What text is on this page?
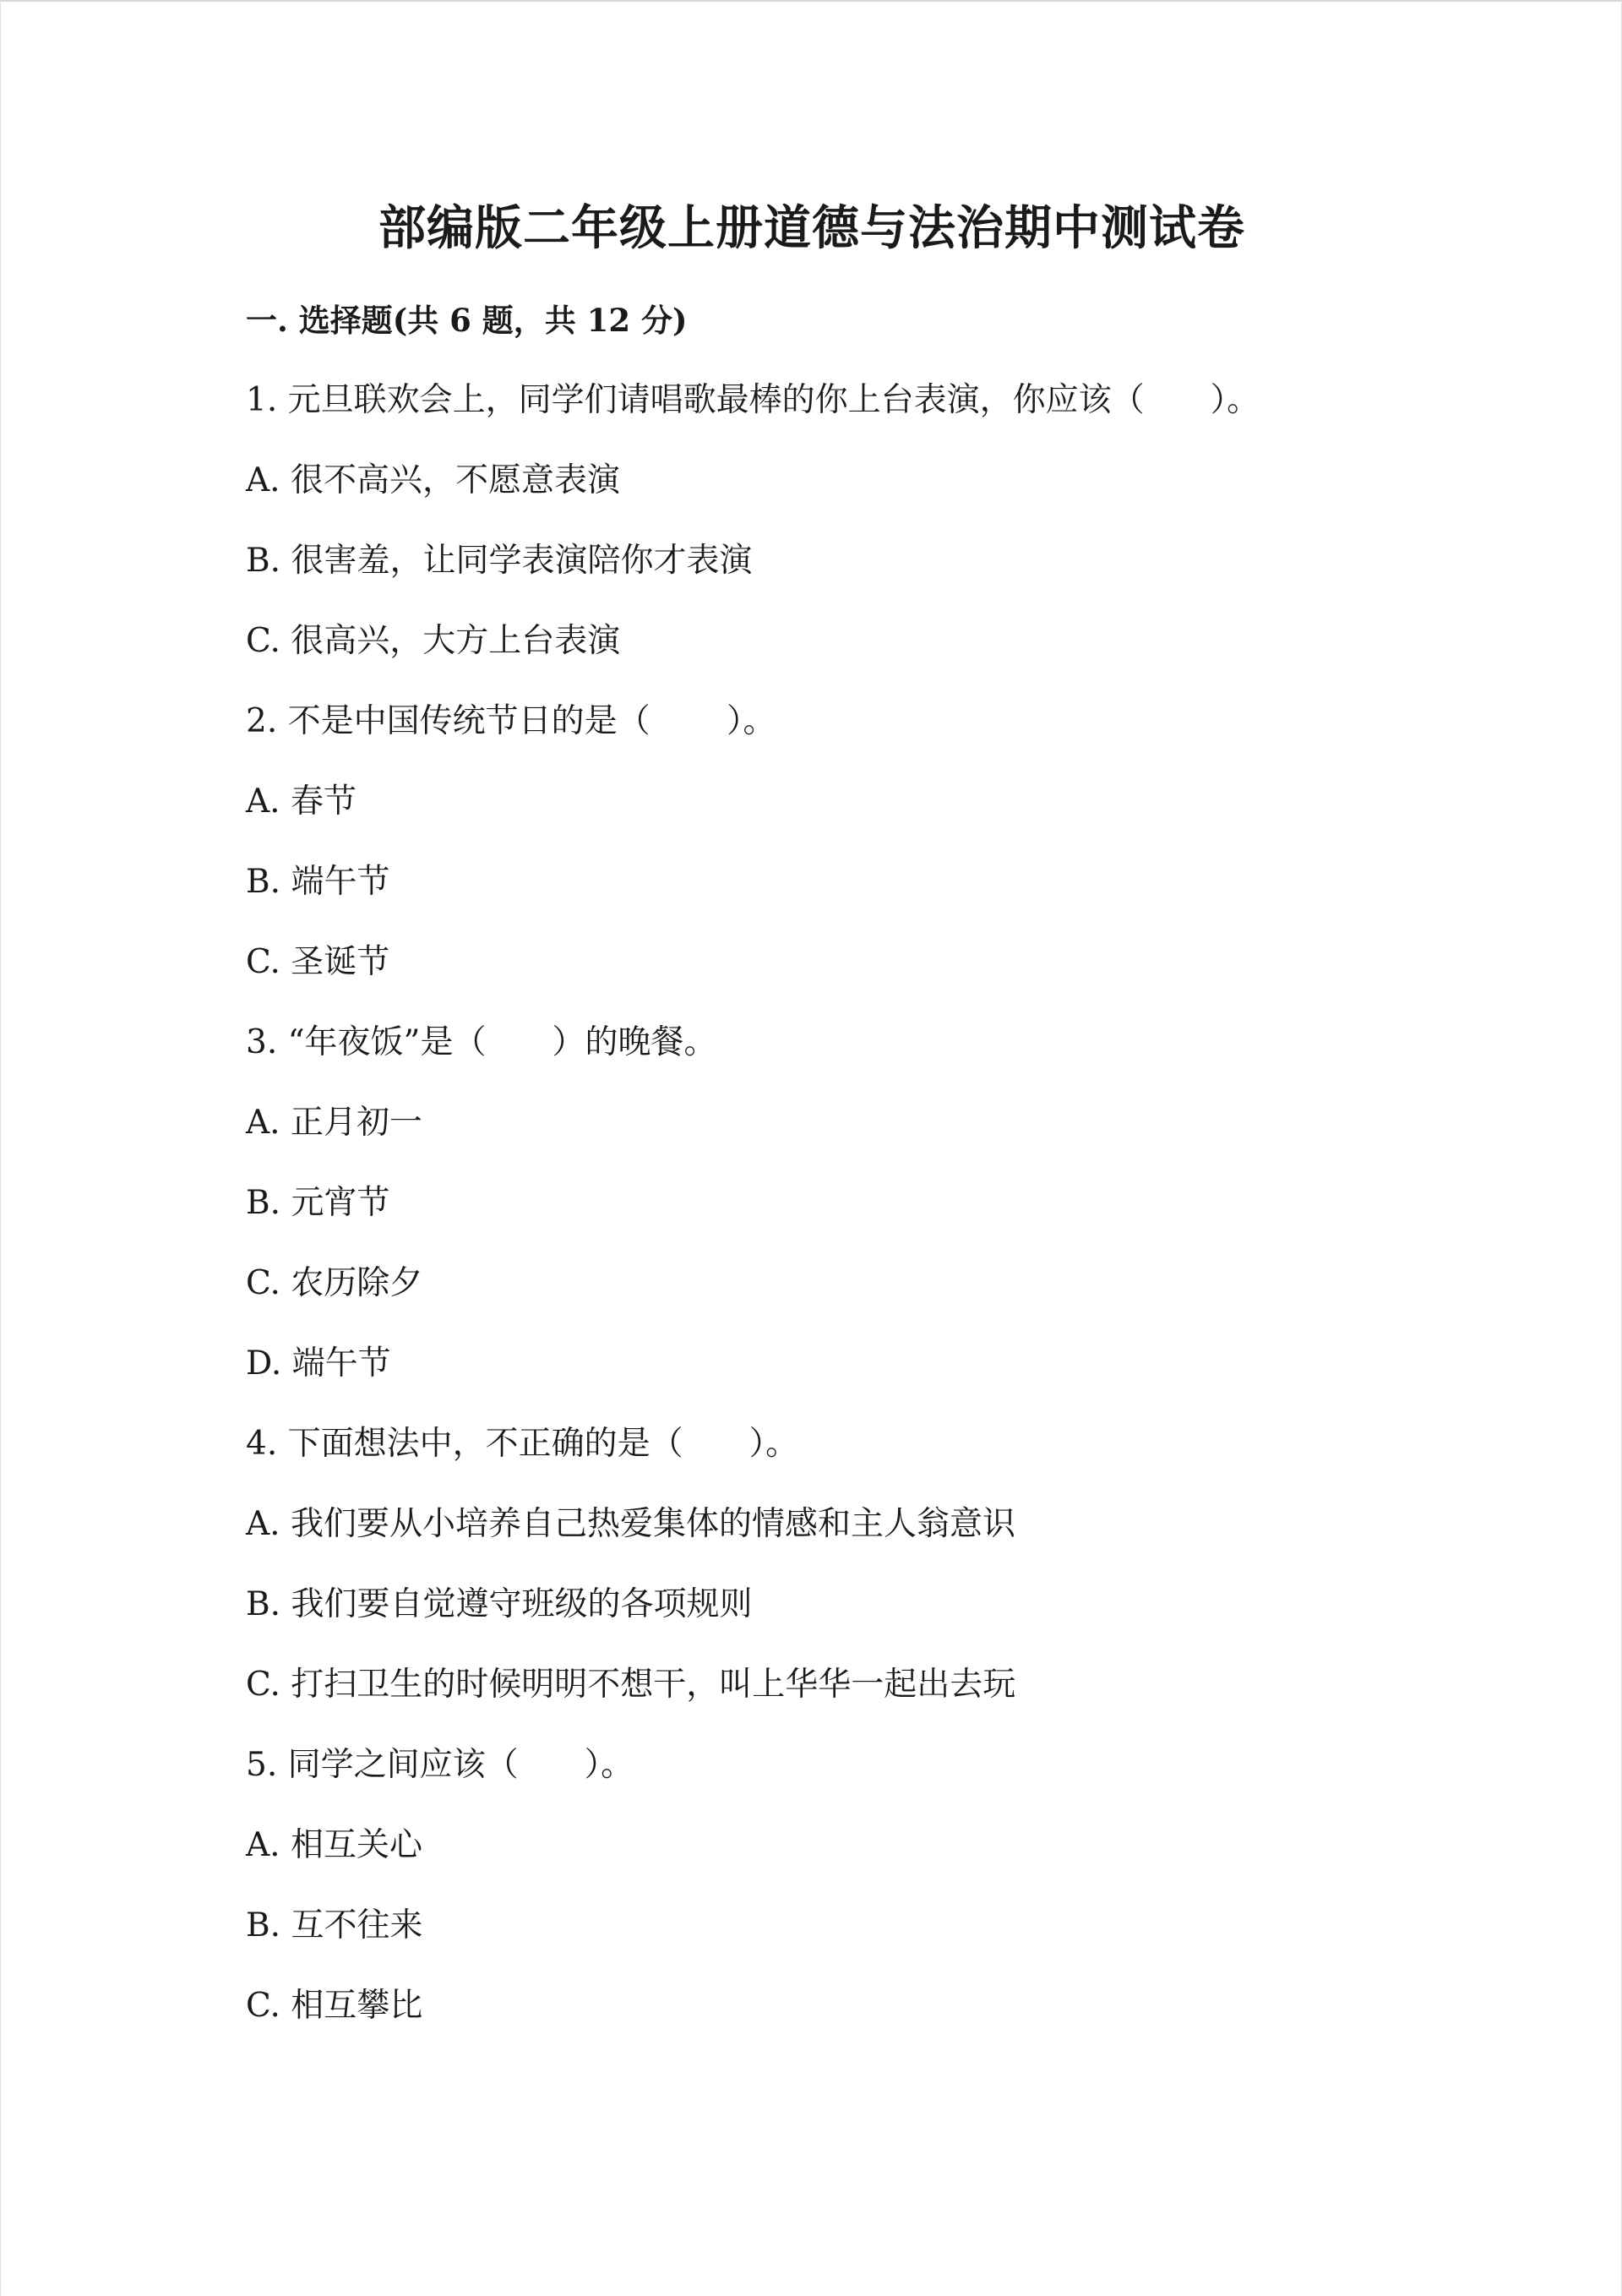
部编版二年级上册道德与法治期中测试卷
一. 选择题(共 6 题，共 12 分)
1. 元旦联欢会上，同学们请唱歌最棒的你上台表演，你应该（　　）。
A. 很不高兴，不愿意表演
B. 很害羞，让同学表演陪你才表演
C. 很高兴，大方上台表演
2. 不是中国传统节日的是（　　 ）。
A. 春节
B. 端午节
C. 圣诞节
3. “年夜饭”是（　　）的晚餐。
A. 正月初一
B. 元宵节
C. 农历除夕
D. 端午节
4. 下面想法中，不正确的是（　　）。
A. 我们要从小培养自己热爱集体的情感和主人翁意识
B. 我们要自觉遵守班级的各项规则
C. 打扫卫生的时候明明不想干，叫上华华一起出去玩
5. 同学之间应该（　　）。
A. 相互关心
B. 互不往来
C. 相互攀比
